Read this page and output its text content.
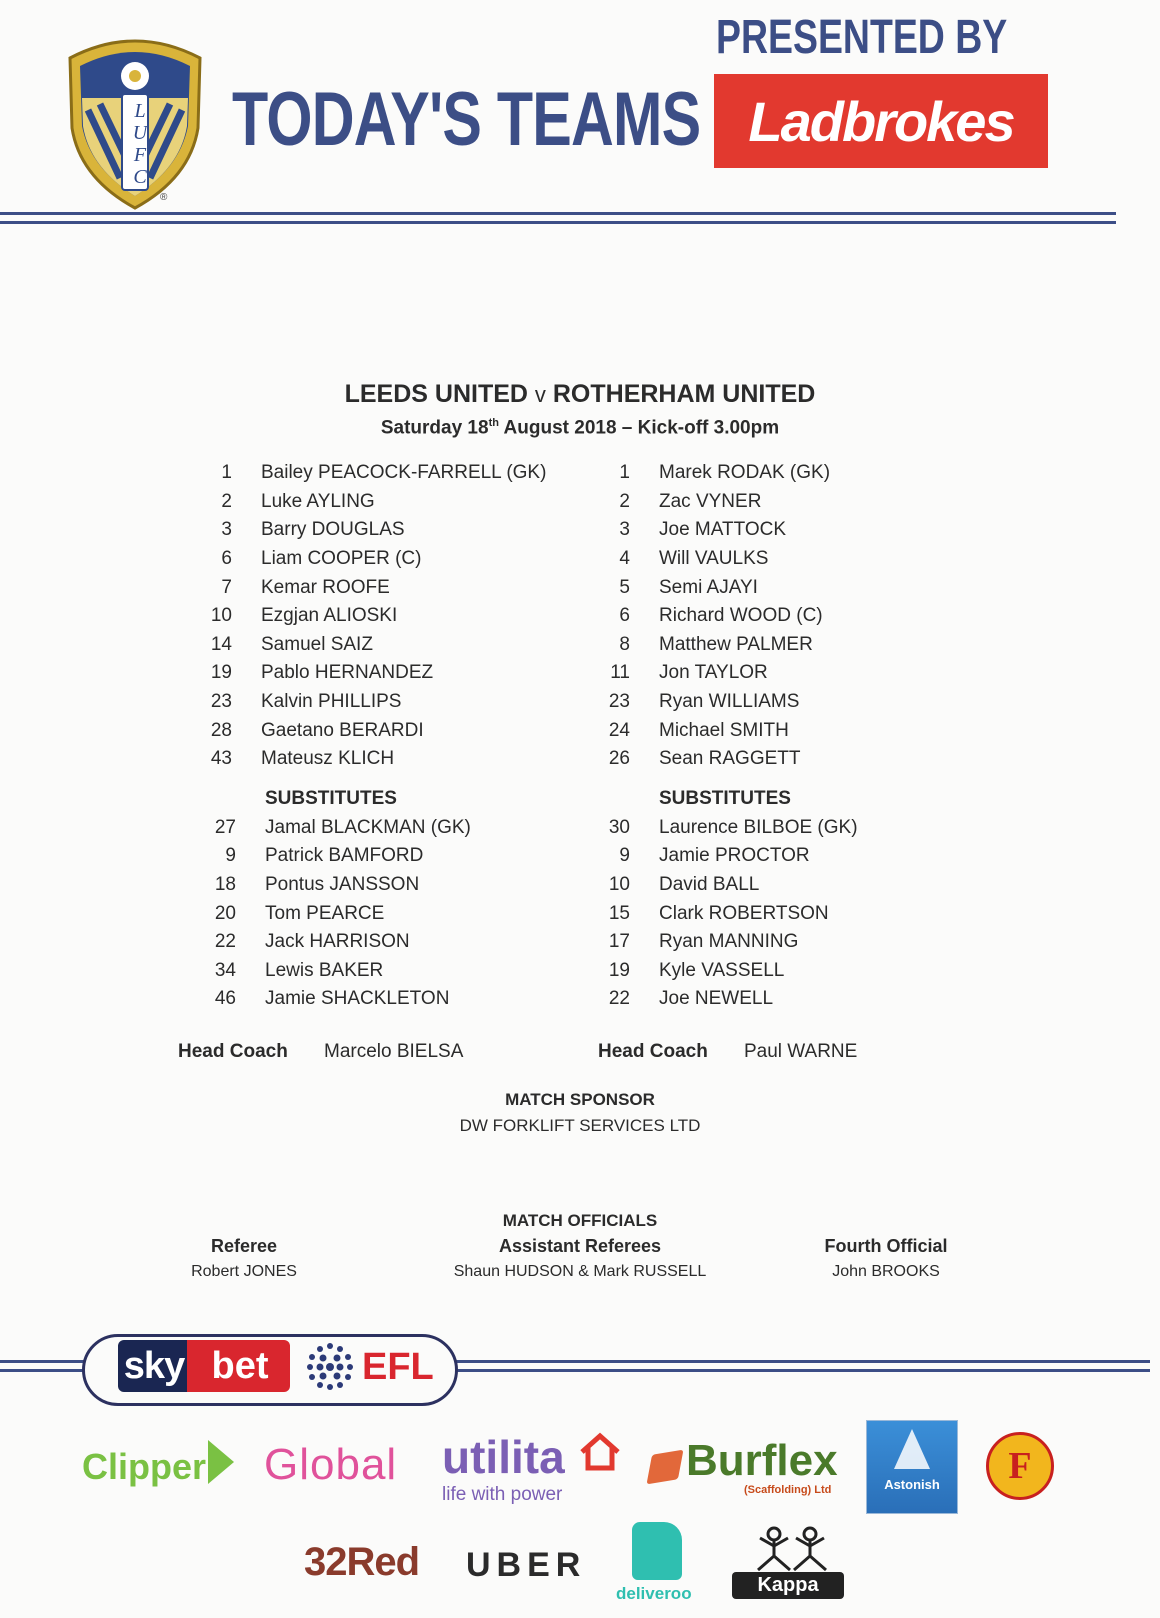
LUFC
®
TODAY'S TEAMS
PRESENTED BY
Ladbrokes
LEEDS UNITED v ROTHERHAM UNITED
Saturday 18th August 2018 – Kick-off 3.00pm
1	Bailey PEACOCK-FARRELL (GK)
2	Luke AYLING
3	Barry DOUGLAS
6	Liam COOPER (C)
7	Kemar ROOFE
10	Ezgjan ALIOSKI
14	Samuel SAIZ
19	Pablo HERNANDEZ
23	Kalvin PHILLIPS
28	Gaetano BERARDI
43	Mateusz KLICH
SUBSTITUTES
27	Jamal BLACKMAN (GK)
9	Patrick BAMFORD
18	Pontus JANSSON
20	Tom PEARCE
22	Jack HARRISON
34	Lewis BAKER
46	Jamie SHACKLETON
Head Coach Marcelo BIELSA
1	Marek RODAK (GK)
2	Zac VYNER
3	Joe MATTOCK
4	Will VAULKS
5	Semi AJAYI
6	Richard WOOD (C)
8	Matthew PALMER
11	Jon TAYLOR
23	Ryan WILLIAMS
24	Michael SMITH
26	Sean RAGGETT
SUBSTITUTES
30	Laurence BILBOE (GK)
9	Jamie PROCTOR
10	David BALL
15	Clark ROBERTSON
17	Ryan MANNING
19	Kyle VASSELL
22	Joe NEWELL
Head Coach Paul WARNE
MATCH SPONSOR
DW FORKLIFT SERVICES LTD
MATCH OFFICIALS
Referee
Robert JONES
Assistant Referees
Shaun HUDSON & Mark RUSSELL
Fourth Official
John BROOKS
sky bet	EFL
Clipper Global utilita
life with power
Burflex
(Scaffolding) Ltd	Astonish	F
32Red UBER
deliveroo	Kappa
